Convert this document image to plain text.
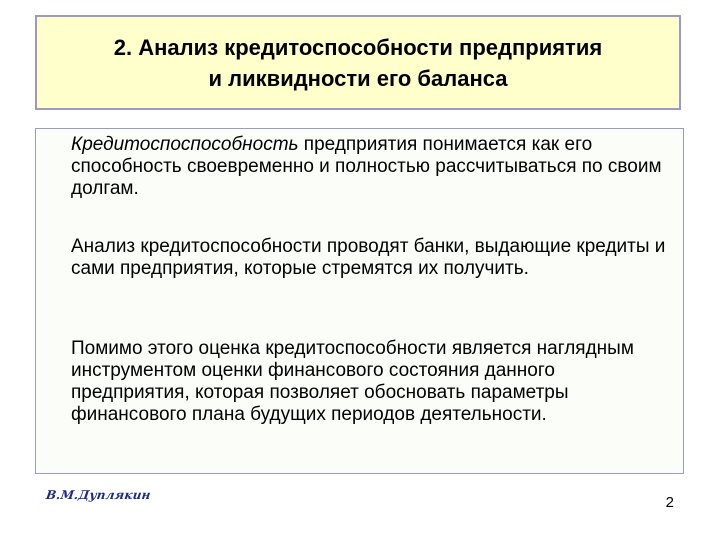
2. Анализ кредитоспособности предприятия
и ликвидности его баланса

Кредитоспоспособность предприятия понимается как его способность своевременно и полностью рассчитываться по своим долгам.

Анализ кредитоспособности проводят банки, выдающие кредиты и сами предприятия, которые стремятся их получить.

Помимо этого оценка кредитоспособности является наглядным инструментом оценки финансового состояния данного предприятия, которая позволяет обосновать параметры финансового плана будущих периодов деятельности.

В.М.Дуплякин	2
